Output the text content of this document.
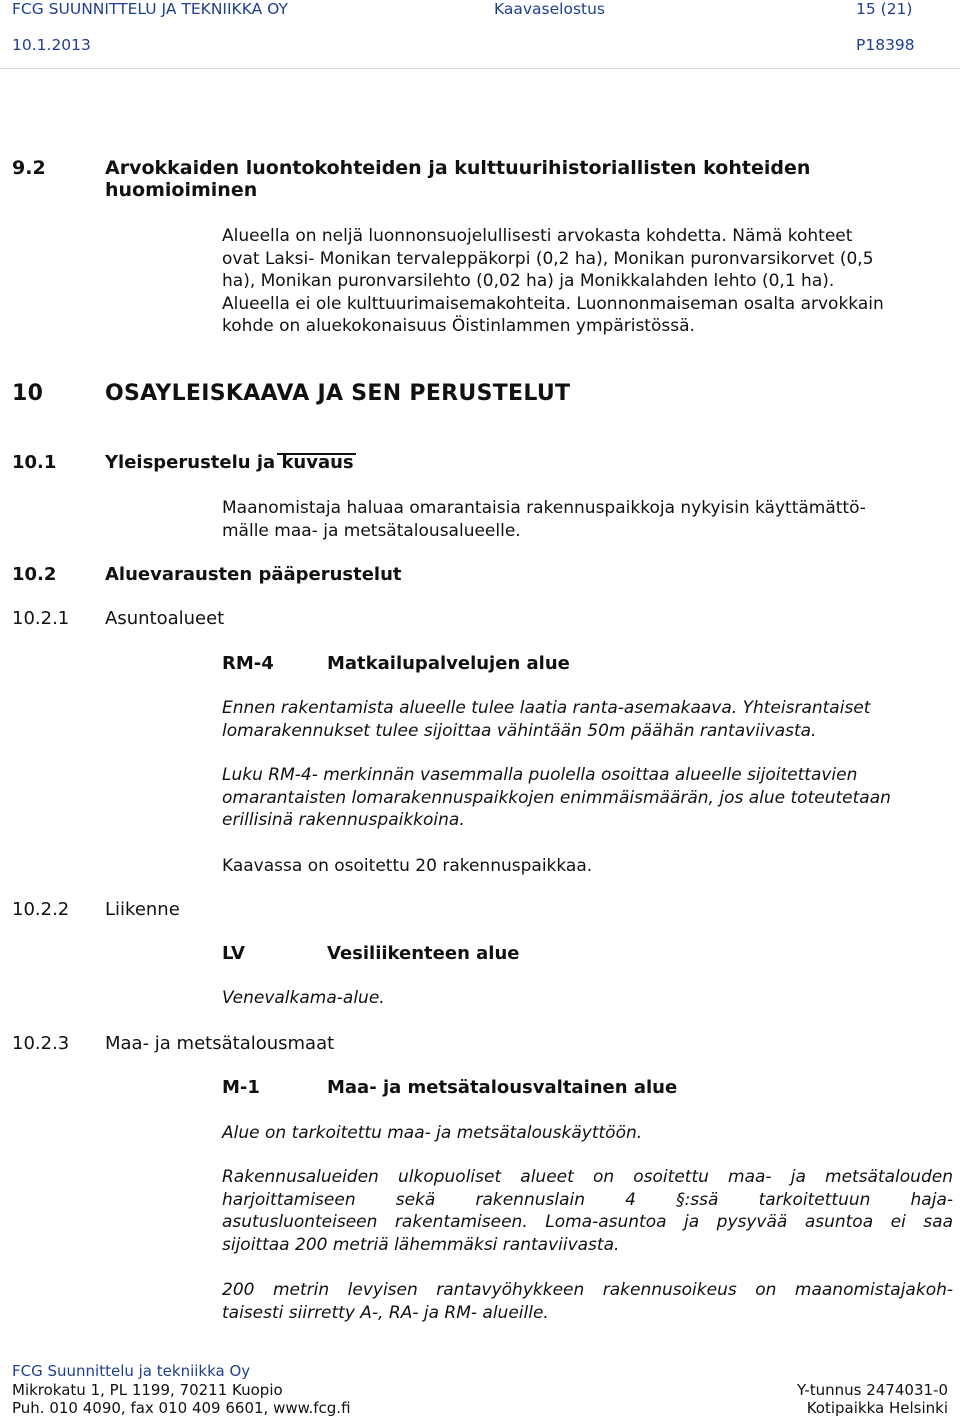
FCG SUUNNITTELU JA TEKNIIKKA OY	Kaavaselostus	15 (21)
10.1.2013	P18398
9.2	Arvokkaiden luontokohteiden ja kulttuurihistoriallisten kohteiden
huomioiminen
Alueella on neljä luonnonsuojelullisesti arvokasta kohdetta. Nämä kohteet
ovat Laksi- Monikan tervaleppäkorpi (0,2 ha), Monikan puronvarsikorvet (0,5
ha), Monikan puronvarsilehto (0,02 ha) ja Monikkalahden lehto (0,1 ha).
Alueella ei ole kulttuurimaisemakohteita. Luonnonmaiseman osalta arvokkain
kohde on aluekokonaisuus Öistinlammen ympäristössä.
10	OSAYLEISKAAVA JA SEN PERUSTELUT
10.1	Yleisperustelu ja
kuvaus
Maanomistaja haluaa omarantaisia rakennuspaikkoja nykyisin käyttämättö-
mälle maa- ja metsätalousalueelle.
10.2	Aluevarausten pääperustelut
10.2.1 Asuntoalueet
RM-4	Matkailupalvelujen alue
Ennen rakentamista alueelle tulee laatia ranta-asemakaava. Yhteisrantaiset
lomarakennukset tulee sijoittaa vähintään 50m päähän rantaviivasta.
Luku RM-4- merkinnän vasemmalla puolella osoittaa alueelle sijoitettavien
omarantaisten lomarakennuspaikkojen enimmäismäärän, jos alue toteutetaan
erillisinä rakennuspaikkoina.
Kaavassa on osoitettu 20 rakennuspaikkaa.
10.2.2 Liikenne
LV	Vesiliikenteen alue
Venevalkama-alue.
10.2.3 Maa- ja metsätalousmaat
M-1	Maa- ja metsätalousvaltainen alue
Alue on tarkoitettu maa- ja metsätalouskäyttöön.
Rakennusalueiden ulkopuoliset alueet on osoitettu maa- ja metsätalouden
harjoittamiseen sekä rakennuslain 4 §:ssä tarkoitettuun haja-
asutusluonteiseen rakentamiseen. Loma-asuntoa ja pysyvää asuntoa ei saa
sijoittaa 200 metriä lähemmäksi rantaviivasta.
200 metrin levyisen rantavyöhykkeen rakennusoikeus on maanomistajakoh-
taisesti siirretty A-, RA- ja RM- alueille.
FCG Suunnittelu ja tekniikka Oy
Mikrokatu 1, PL 1199, 70211 Kuopio
Puh. 010 4090, fax 010 409 6601, www.fcg.fi
Y-tunnus 2474031-0
Kotipaikka Helsinki
